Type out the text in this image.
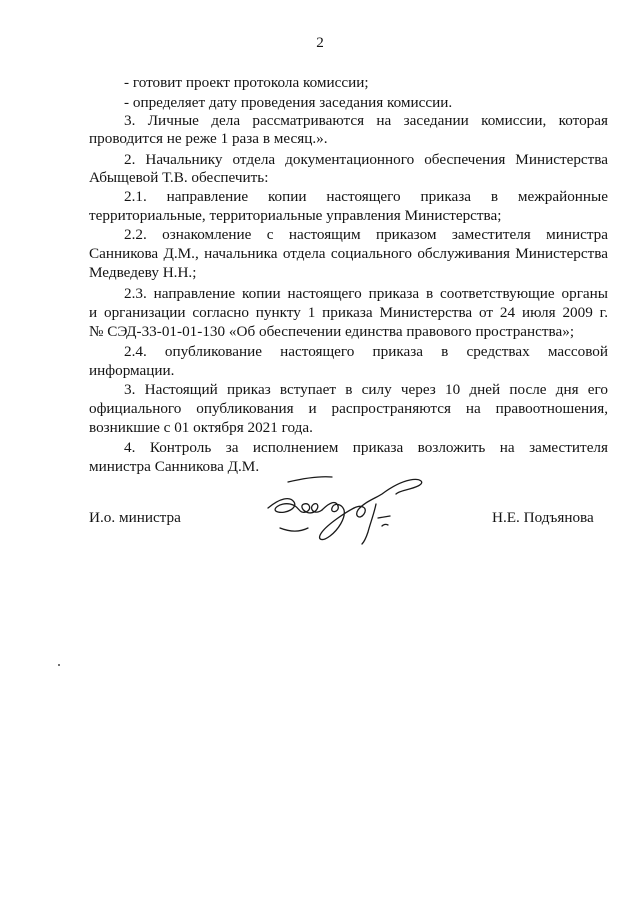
2
- готовит проект протокола комиссии;
- определяет дату проведения заседания комиссии.
3. Личные дела рассматриваются на заседании комиссии, которая
проводится не реже 1 раза в месяц.».
2. Начальнику отдела документационного обеспечения Министерства
Абыщевой Т.В. обеспечить:
2.1. направление копии настоящего приказа в межрайонные
территориальные, территориальные управления Министерства;
2.2. ознакомление с настоящим приказом заместителя министра
Санникова Д.М., начальника отдела социального обслуживания Министерства
Медведеву Н.Н.;
2.3. направление копии настоящего приказа в соответствующие органы
и организации согласно пункту 1 приказа Министерства от 24 июля 2009 г.
№ СЭД-33-01-01-130 «Об обеспечении единства правового пространства»;
2.4. опубликование настоящего приказа в средствах массовой
информации.
3. Настоящий приказ вступает в силу через 10 дней после дня его
официального опубликования и распространяются на правоотношения,
возникшие с 01 октября 2021 года.
4. Контроль за исполнением приказа возложить на заместителя
министра Санникова Д.М.
И.о. министра	Н.Е. Подъянова
